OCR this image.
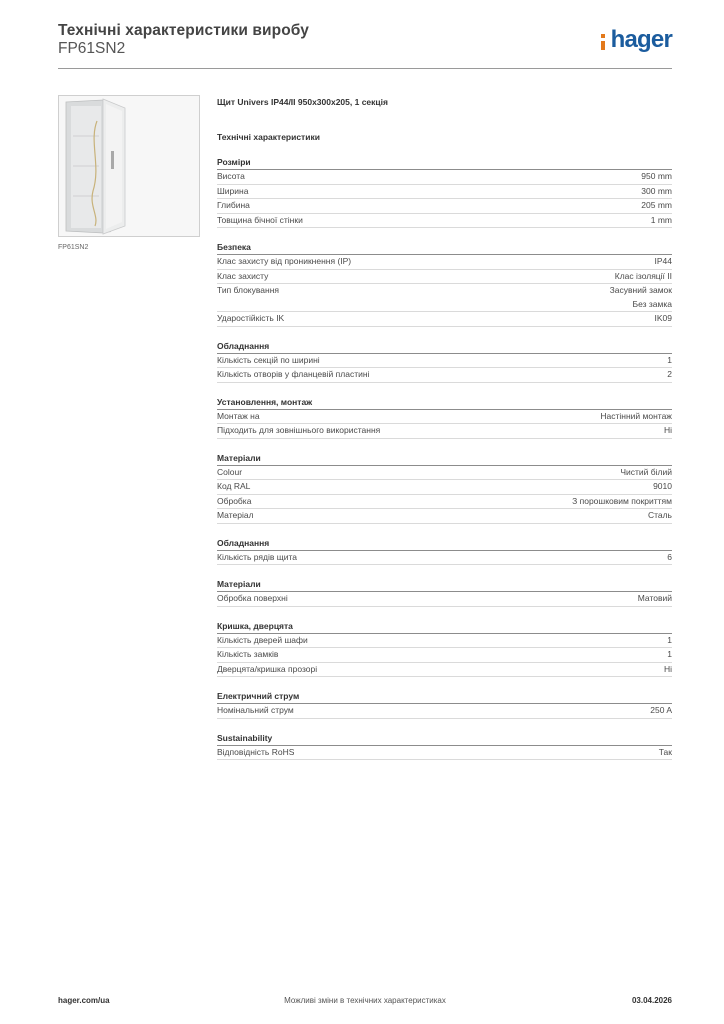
Технічні характеристики виробу
FP61SN2	hager
FP61SN2
Щит Univers IP44/II 950x300x205, 1 секція
Технічні характеристики
Розміри
Висота	950 mm
Ширина	300 mm
Глибина	205 mm
Товщина бічної стінки	1 mm
Безпека
Клас захисту від проникнення (IP)	IP44
Клас захисту	Клас ізоляції II
Тип блокування	Засувний замок
Без замка
Ударостійкість IK	IK09
Обладнання
Кількість секцій по ширині	1
Кількість отворів у фланцевій пластині	2
Установлення, монтаж
Монтаж на	Настінний монтаж
Підходить для зовнішнього використання	Ні
Матеріали
Colour	Чистий білий
Код RAL	9010
Обробка	З порошковим покриттям
Матеріал	Сталь
Обладнання
Кількість рядів щита	6
Матеріали
Обробка поверхні	Матовий
Кришка, дверцята
Кількість дверей шафи	1
Кількість замків	1
Дверцята/кришка прозорі	Ні
Електричний струм
Номінальний струм	250 A
Sustainability
Відповідність RoHS	Так
hager.com/ua	Можливі зміни в технічних характеристиках	03.04.2026
